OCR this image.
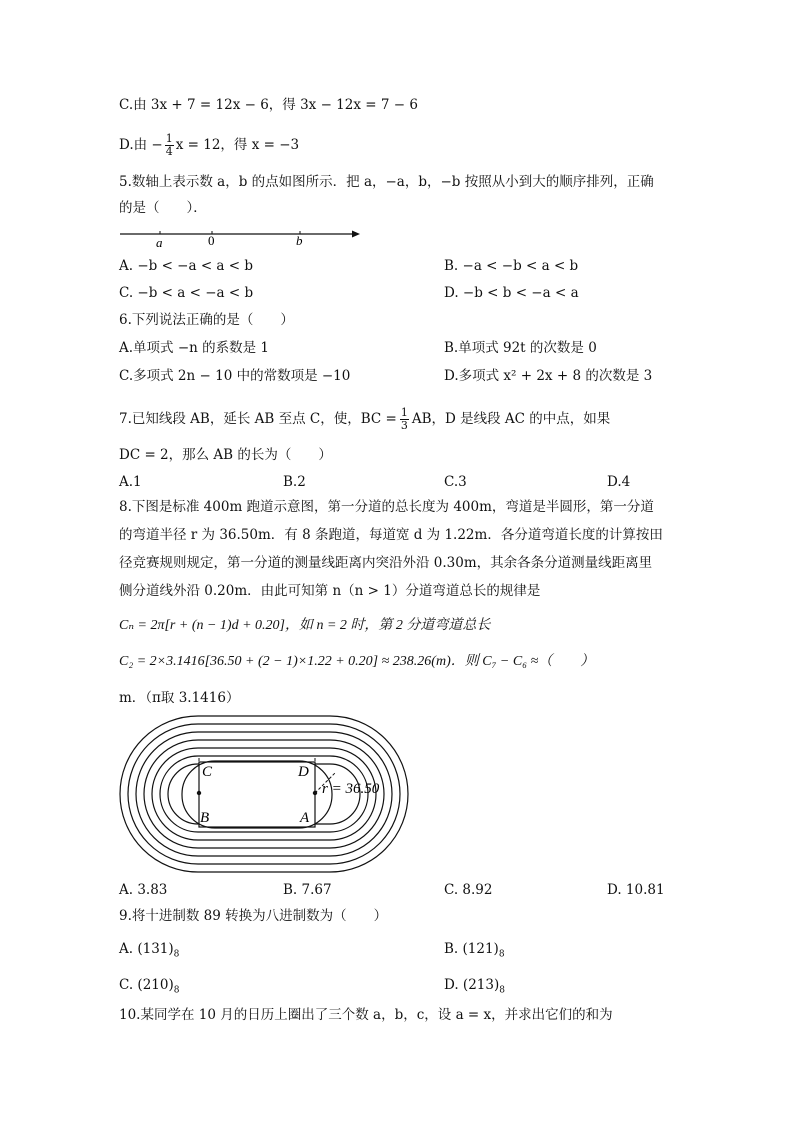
C.由 3x + 7 = 12x − 6，得 3x − 12x = 7 − 6
D.由 − $\frac{1}{4}$ x = 12，得 x = −3
5.数轴上表示数 a，b 的点如图所示．把 a，−a，b，−b 按照从小到大的顺序排列，正确
的是（　　）．
a	0	b
A. −b < −a < a < b	B. −a < −b < a < b
C. −b < a < −a < b	D. −b < b < −a < a
6.下列说法正确的是（　　）
A.单项式 −n 的系数是 1	B.单项式 92t 的次数是 0
C.多项式 2n − 10 中的常数项是 −10	D.多项式 x² + 2x + 8 的次数是 3
7.已知线段 AB，延长 AB 至点 C，使，BC = $\frac{1}{3}$ AB，D 是线段 AC 的中点，如果
DC = 2，那么 AB 的长为（　　）
A.1	B.2	C.3	D.4
8.下图是标准 400m 跑道示意图，第一分道的总长度为 400m，弯道是半圆形，第一分道
的弯道半径 r 为 36.50m．有 8 条跑道，每道宽 d 为 1.22m．各分道弯道长度的计算按田
径竞赛规则规定，第一分道的测量线距离内突沿外沿 0.30m，其余各条分道测量线距离里
侧分道线外沿 0.20m．由此可知第 n（n > 1）分道弯道总长的规律是
Cₙ = 2π[r + (n − 1)d + 0.20]，如 n = 2 时，第 2 分道弯道总长
C₂ = 2×3.1416[36.50 + (2 − 1)×1.22 + 0.20] ≈ 238.26(m)．则 C₇ − C₆ ≈（　　）
m．（π取 3.1416）
C	D
B	A
r = 36.50
A. 3.83	B. 7.67	C. 8.92	D. 10.81
9.将十进制数 89 转换为八进制数为（　　）
A. $(131)_8$	B. $(121)_8$
C. $(210)_8$	D. $(213)_8$
10.某同学在 10 月的日历上圈出了三个数 a，b，c，设 a = x，并求出它们的和为
